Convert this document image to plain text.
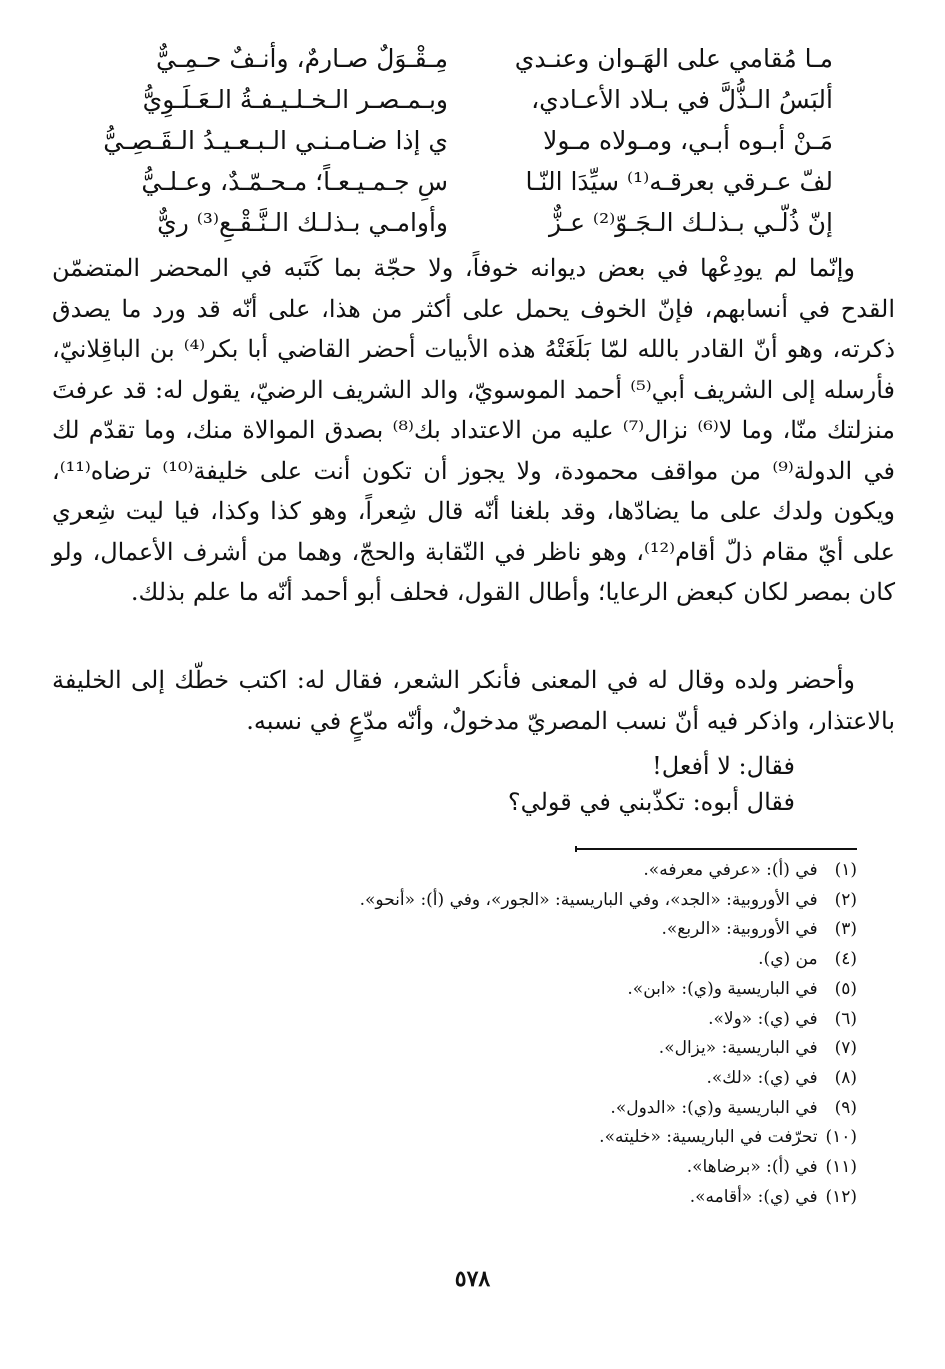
مـا مُقامي على الهَـوان وعنـدي
مِـقْـوَلٌ صـارمٌ، وأنـفٌ حـمِـيٌّ
ألبَسُ الـذُّلَّ في بـلاد الأعـادي،
وبـمـصـر الـخـلـيـفـةُ الـعَـلَـوِيُّ
مَـنْ أبـوه أبـي، ومـولاه مـولا
ي إذا ضـامـنـي الـبـعـيـدُ الـقَـصِـيُّ
لفّ عـرقي بعرقـه⁽¹⁾ سيِّدَا النّـا
سِ جـمـيـعـاً؛ مـحـمّـدٌ، وعـلـيُّ
إنّ ذُلّـي بـذلـك الـجَـوّ⁽²⁾ عـزٌّ
وأوامـي بـذلـك الـنَّـقْـعِ⁽³⁾ ريٌّ

وإنّما لم يودِعْها في بعض ديوانه خوفاً، ولا حجّة بما كَتَبه في المحضر المتضمّن القدح في أنسابهم، فإنّ الخوف يحمل على أكثر من هذا، على أنّه قد ورد ما يصدق ذكرته، وهو أنّ القادر بالله لمّا بَلَغَتْهُ هذه الأبيات أحضر القاضي أبا بكر⁽⁴⁾ بن الباقِلانيّ، فأرسله إلى الشريف أبي⁽⁵⁾ أحمد الموسويّ، والد الشريف الرضيّ، يقول له: قد عرفتَ منزلتك منّا، وما لا⁽⁶⁾ نزال⁽⁷⁾ عليه من الاعتداد بك⁽⁸⁾ بصدق الموالاة منك، وما تقدّم لك في الدولة⁽⁹⁾ من مواقف محمودة، ولا يجوز أن تكون أنت على خليفة⁽¹⁰⁾ ترضاه⁽¹¹⁾، ويكون ولدك على ما يضادّها، وقد بلغنا أنّه قال شِعراً، وهو كذا وكذا، فيا ليت شِعري على أيّ مقام ذلّ أقام⁽¹²⁾، وهو ناظر في النّقابة والحجّ، وهما من أشرف الأعمال، ولو كان بمصر لكان كبعض الرعايا؛ وأطال القول، فحلف أبو أحمد أنّه ما علم بذلك.

وأحضر ولده وقال له في المعنى فأنكر الشعر، فقال له: اكتب خطّك إلى الخليفة بالاعتذار، واذكر فيه أنّ نسب المصريّ مدخولٌ، وأنّه مدّعٍ في نسبه.

فقال: لا أفعل!
فقال أبوه: تكذّبني في قولي؟
(١) في (أ): «عرفي معرفه».
(٢) في الأوروبية: «الجد»، وفي الباريسية: «الجور»، وفي (أ): «أنحو».
(٣) في الأوروبية: «الربع».
(٤) من (ي).
(٥) في الباريسية و(ي): «ابن».
(٦) في (ي): «ولا».
(٧) في الباريسية: «يزال».
(٨) في (ي): «لك».
(٩) في الباريسية و(ي): «الدول».
(١٠) تحرّفت في الباريسية: «خليته».
(١١) في (أ): «برضاها».
(١٢) في (ي): «أقامه».
٥٧٨
